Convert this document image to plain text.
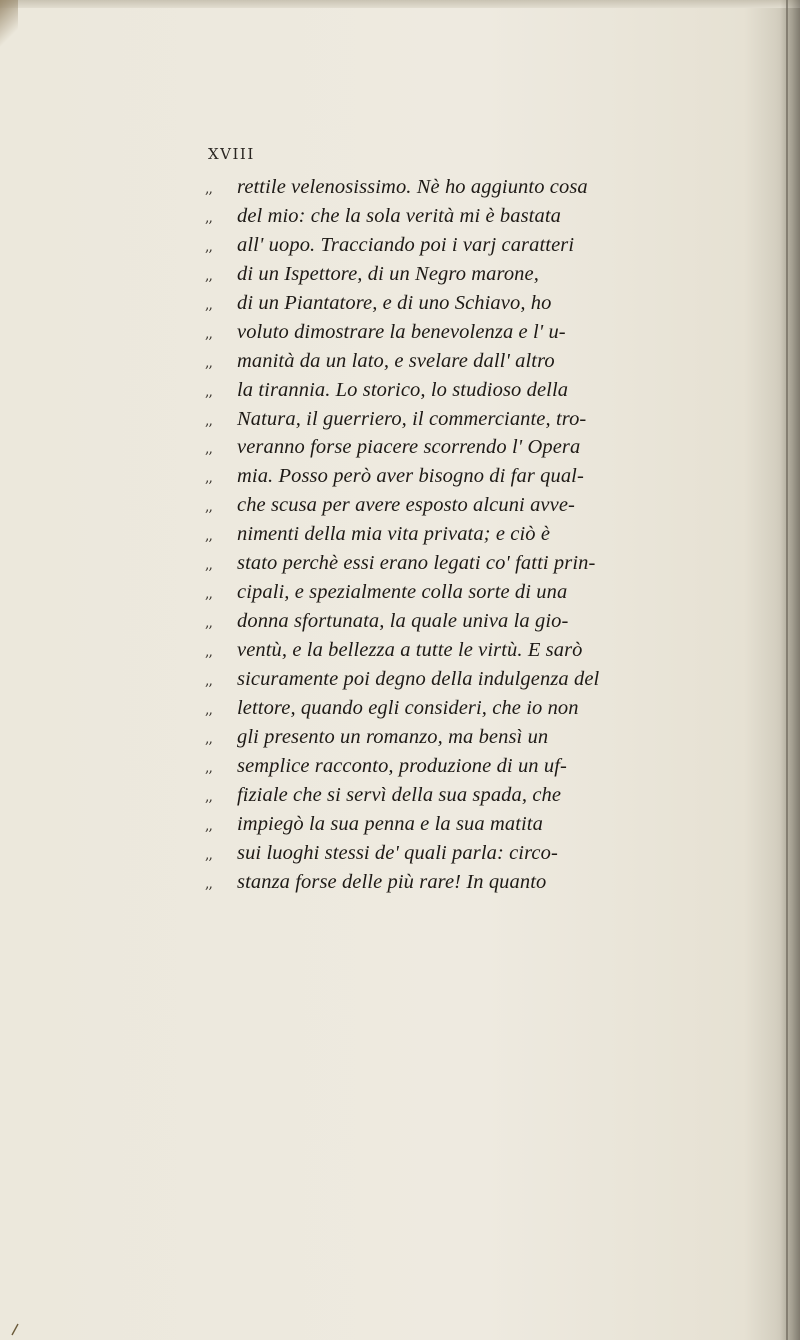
XVIII

,,	rettile velenosissimo. Nè ho aggiunto cosa
,,	del mio: che la sola verità mi è bastata
,,	all' uopo. Tracciando poi i varj caratteri
,,	di un Ispettore, di un Negro marone,
,,	di un Piantatore, e di uno Schiavo, ho
,,	voluto dimostrare la benevolenza e l' u-
,,	manità da un lato, e svelare dall' altro
,,	la tirannia. Lo storico, lo studioso della
,,	Natura, il guerriero, il commerciante, tro-
,,	veranno forse piacere scorrendo l' Opera
,,	mia. Posso però aver bisogno di far qual-
,,	che scusa per avere esposto alcuni avve-
,,	nimenti della mia vita privata; e ciò è
,,	stato perchè essi erano legati co' fatti prin-
,,	cipali, e spezialmente colla sorte di una
,,	donna sfortunata, la quale univa la gio-
,,	ventù, e la bellezza a tutte le virtù. E sarò
,,	sicuramente poi degno della indulgenza del
,,	lettore, quando egli consideri, che io non
,,	gli presento un romanzo, ma bensì un
,,	semplice racconto, produzione di un uf-
,,	fiziale che si servì della sua spada, che
,,	impiegò la sua penna e la sua matita
,,	sui luoghi stessi de' quali parla: circo-
,,	stanza forse delle più rare! In quanto
